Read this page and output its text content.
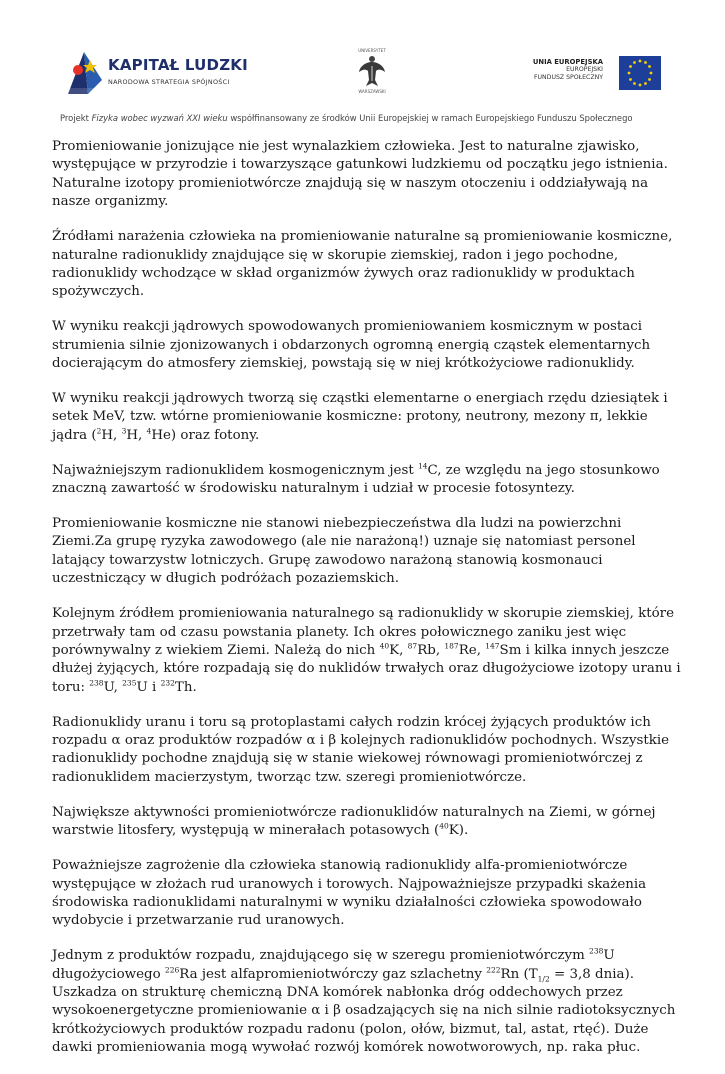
KAPITAŁ LUDZKI
NARODOWA STRATEGIA SPÓJNOŚCI
UNIVERSYTET
WARSZAWSKI
UNIA EUROPEJSKA
EUROPEJSKI
FUNDUSZ SPOŁECZNY
Projekt Fizyka wobec wyzwań XXI wieku współfinansowany ze środków Unii Europejskiej w ramach Europejskiego Funduszu Społecznego

Promieniowanie jonizujące nie jest wynalazkiem człowieka. Jest to naturalne zjawisko, występujące w przyrodzie i towarzyszące gatunkowi ludzkiemu od początku jego istnienia. Naturalne izotopy promieniotwórcze znajdują się w naszym otoczeniu i oddziaływają na nasze organizmy.

Źródłami narażenia człowieka na promieniowanie naturalne są promieniowanie kosmiczne, naturalne radionuklidy znajdujące się w skorupie ziemskiej, radon i jego pochodne, radionuklidy wchodzące w skład organizmów żywych oraz radionuklidy w produktach spożywczych.

W wyniku reakcji jądrowych spowodowanych promieniowaniem kosmicznym w postaci strumienia silnie zjonizowanych i obdarzonych ogromną energią cząstek elementarnych docierającym do atmosfery ziemskiej, powstają się w niej krótkożyciowe radionuklidy.

W wyniku reakcji jądrowych tworzą się cząstki elementarne o energiach rzędu dziesiątek i setek MeV, tzw. wtórne promieniowanie kosmiczne: protony, neutrony, mezony π, lekkie jądra ($^2$H, $^3$H, $^4$He) oraz fotony.

Najważniejszym radionuklidem kosmogenicznym jest $^{14}$C, ze względu na jego stosunkowo znaczną zawartość w środowisku naturalnym i udział w procesie fotosyntezy.

Promieniowanie kosmiczne nie stanowi niebezpieczeństwa dla ludzi na powierzchni Ziemi.Za grupę ryzyka zawodowego (ale nie narażoną!) uznaje się natomiast personel latający towarzystw lotniczych. Grupę zawodowo narażoną stanowią kosmonauci uczestniczący w długich podróżach pozaziemskich.

Kolejnym źródłem promieniowania naturalnego są radionuklidy w skorupie ziemskiej, które przetrwały tam od czasu powstania planety. Ich okres połowicznego zaniku jest więc porównywalny z wiekiem Ziemi. Należą do nich $^{40}$K, $^{87}$Rb, $^{187}$Re, $^{147}$Sm i kilka innych jeszcze dłużej żyjących, które rozpadają się do nuklidów trwałych oraz długożyciowe izotopy uranu i toru: $^{238}$U, $^{235}$U i $^{232}$Th.

Radionuklidy uranu i toru są protoplastami całych rodzin krócej żyjących produktów ich rozpadu α oraz produktów rozpadów α i β kolejnych radionuklidów pochodnych. Wszystkie radionuklidy pochodne znajdują się w stanie wiekowej równowagi promieniotwórczej z radionuklidem macierzystym, tworząc tzw. szeregi promieniotwórcze.

Największe aktywności promieniotwórcze radionuklidów naturalnych na Ziemi, w górnej warstwie litosfery, występują w minerałach potasowych ($^{40}$K).

Poważniejsze zagrożenie dla człowieka stanowią radionuklidy alfa-promieniotwórcze występujące w złożach rud uranowych i torowych. Najpoważniejsze przypadki skażenia środowiska radionuklidami naturalnymi w wyniku działalności człowieka spowodowało wydobycie i przetwarzanie rud uranowych.

Jednym z produktów rozpadu, znajdującego się w szeregu promieniotwórczym $^{238}$U długożyciowego $^{226}$Ra jest alfapromieniotwórczy gaz szlachetny $^{222}$Rn ($T_{1/2} = 3,8$ dnia). Uszkadza on strukturę chemiczną DNA komórek nabłonka dróg oddechowych przez wysokoenergetyczne promieniowanie α i β osadzających się na nich silnie radiotoksycznych krótkożyciowych produktów rozpadu radonu (polon, ołów, bizmut, tal, astat, rtęć). Duże dawki promieniowania mogą wywołać rozwój komórek nowotworowych, np. raka płuc.
